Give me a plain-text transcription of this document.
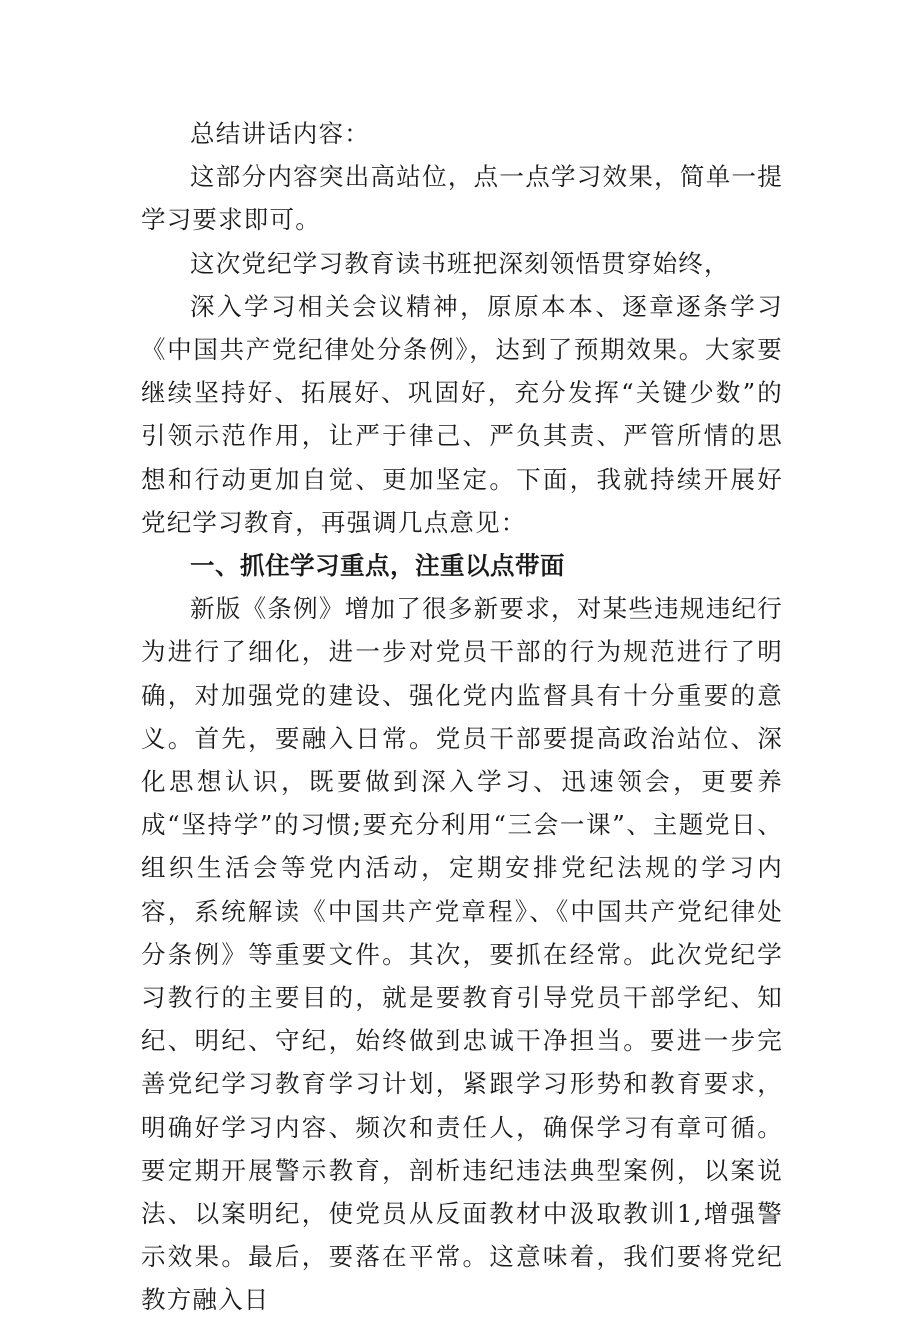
总结讲话内容：

这部分内容突出高站位，点一点学习效果，简单一提学习要求即可。

这次党纪学习教育读书班把深刻领悟贯穿始终，

深入学习相关会议精神，原原本本、逐章逐条学习《中国共产党纪律处分条例》，达到了预期效果。大家要继续坚持好、拓展好、巩固好，充分发挥“关键少数”的引领示范作用，让严于律己、严负其责、严管所情的思想和行动更加自觉、更加坚定。下面，我就持续开展好党纪学习教育，再强调几点意见：

一、抓住学习重点，注重以点带面

新版《条例》增加了很多新要求，对某些违规违纪行为进行了细化，进一步对党员干部的行为规范进行了明确，对加强党的建设、强化党内监督具有十分重要的意义。首先，要融入日常。党员干部要提高政治站位、深化思想认识，既要做到深入学习、迅速领会，更要养成“坚持学”的习惯;要充分利用“三会一课”、主题党日、组织生活会等党内活动，定期安排党纪法规的学习内容，系统解读《中国共产党章程》、《中国共产党纪律处分条例》等重要文件。其次，要抓在经常。此次党纪学习教行的主要目的，就是要教育引导党员干部学纪、知纪、明纪、守纪，始终做到忠诚干净担当。要进一步完善党纪学习教育学习计划，紧跟学习形势和教育要求，明确好学习内容、频次和责任人，确保学习有章可循。要定期开展警示教育，剖析违纪违法典型案例，以案说法、以案明纪，使党员从反面教材中汲取教训1,增强警示效果。最后，要落在平常。这意味着，我们要将党纪教方融入日
